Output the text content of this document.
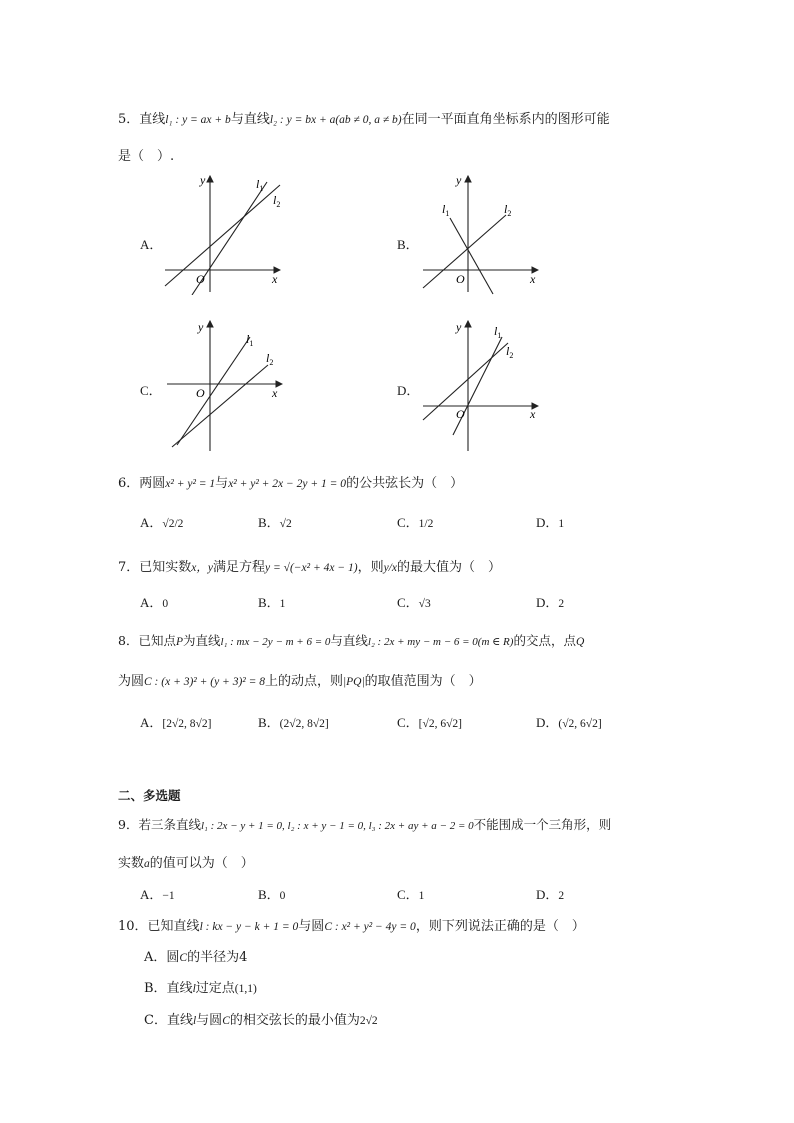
5．直线l₁ : y = ax + b与直线l₂ : y = bx + a(ab ≠ 0, a ≠ b)在同一平面直角坐标系内的图形可能
是（　）.
A．
y
x
O
$l_1$
$l_2$
B．
y
x
O
$l_1$	$l_2$
C．
y
x
O
$l_1$
$l_2$
D．
y
x
O
$l_1$
$l_2$
6．两圆x² + y² = 1与x² + y² + 2x − 2y + 1 = 0的公共弦长为（　）
A．√2/2	B．√2	C．1/2	D．1
7．已知实数x，y满足方程y = √(−x² + 4x − 1)，则y/x的最大值为（　）
A．0	B．1	C．√3	D．2
8．已知点P为直线l₁ : mx − 2y − m + 6 = 0与直线l₂ : 2x + my − m − 6 = 0(m ∈ R)的交点，点Q
为圆C : (x + 3)² + (y + 3)² = 8上的动点，则|PQ|的取值范围为（　）
A．[2√2, 8√2]	B．(2√2, 8√2]	C．[√2, 6√2]	D．(√2, 6√2]
二、多选题
9．若三条直线l₁ : 2x − y + 1 = 0, l₂ : x + y − 1 = 0, l₃ : 2x + ay + a − 2 = 0不能围成一个三角形，则
实数a的值可以为（　）
A．−1	B．0	C．1	D．2
10．已知直线l : kx − y − k + 1 = 0与圆C : x² + y² − 4y = 0，则下列说法正确的是（　）
A．圆C的半径为4
B．直线l过定点(1,1)
C．直线l与圆C的相交弦长的最小值为2√2
